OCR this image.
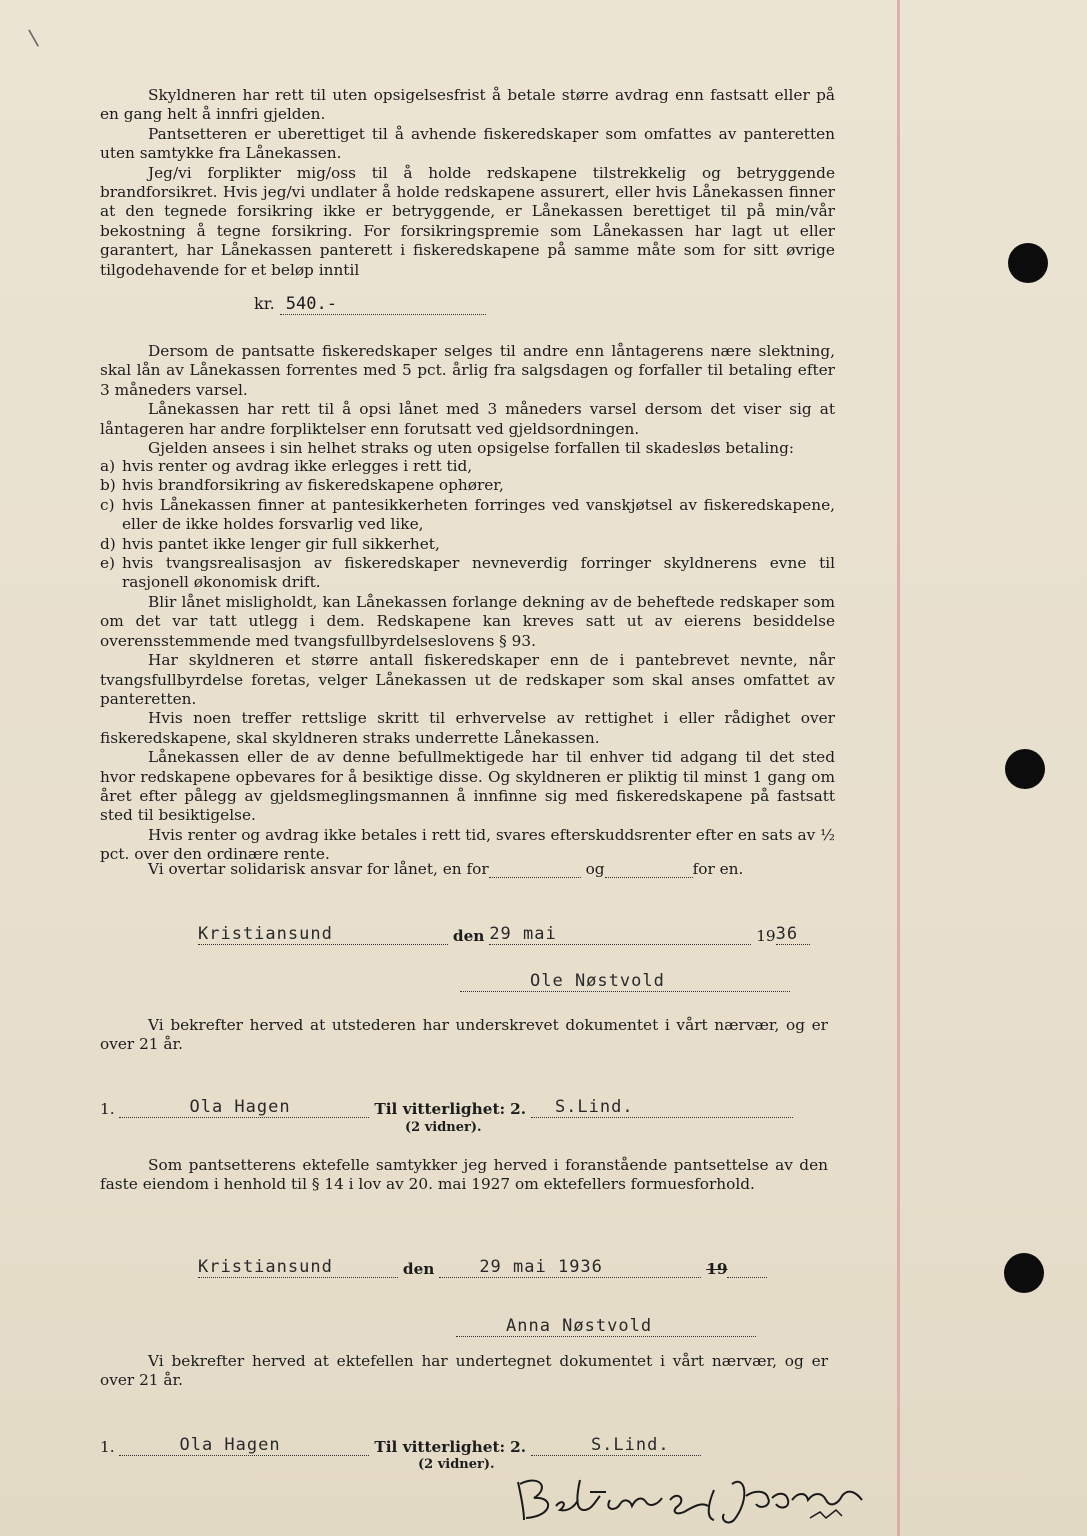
\

Skyldneren har rett til uten opsigelsesfrist å betale større avdrag enn fastsatt eller på en gang helt å innfri gjelden.

Pantsetteren er uberettiget til å avhende fiskeredskaper som omfattes av panteretten uten samtykke fra Lånekassen.

Jeg/vi forplikter mig/oss til å holde redskapene tilstrekkelig og betryggende brandforsikret. Hvis jeg/vi undlater å holde redskapene assurert, eller hvis Lånekassen finner at den tegnede forsikring ikke er betryggende, er Lånekassen berettiget til på min/vår bekostning å tegne forsikring. For forsikringspremie som Lånekassen har lagt ut eller garantert, har Lånekassen panterett i fiskeredskapene på samme måte som for sitt øvrige tilgodehavende for et beløp inntil

kr. 540.-

Dersom de pantsatte fiskeredskaper selges til andre enn låntagerens nære slektning, skal lån av Lånekassen forrentes med 5 pct. årlig fra salgsdagen og forfaller til betaling efter 3 måneders varsel.

Lånekassen har rett til å opsi lånet med 3 måneders varsel dersom det viser sig at låntageren har andre forpliktelser enn forutsatt ved gjeldsordningen.

Gjelden ansees i sin helhet straks og uten opsigelse forfallen til skadesløs betaling:

a) hvis renter og avdrag ikke erlegges i rett tid,
b) hvis brandforsikring av fiskeredskapene ophører,
c) hvis Lånekassen finner at pantesikkerheten forringes ved vanskjøtsel av fiskeredskapene, eller de ikke holdes forsvarlig ved like,
d) hvis pantet ikke lenger gir full sikkerhet,
e) hvis tvangsrealisasjon av fiskeredskaper nevneverdig forringer skyldnerens evne til rasjonell økonomisk drift.

Blir lånet misligholdt, kan Lånekassen forlange dekning av de beheftede redskaper som om det var tatt utlegg i dem. Redskapene kan kreves satt ut av eierens besiddelse overensstemmende med tvangsfullbyrdelseslovens § 93.

Har skyldneren et større antall fiskeredskaper enn de i pantebrevet nevnte, når tvangsfullbyrdelse foretas, velger Lånekassen ut de redskaper som skal anses omfattet av panteretten.

Hvis noen treffer rettslige skritt til erhvervelse av rettighet i eller rådighet over fiskeredskapene, skal skyldneren straks underrette Lånekassen.

Lånekassen eller de av denne befullmektigede har til enhver tid adgang til det sted hvor redskapene opbevares for å besiktige disse. Og skyldneren er pliktig til minst 1 gang om året efter pålegg av gjeldsmeglingsmannen å innfinne sig med fiskeredskapene på fastsatt sted til besiktigelse.

Hvis renter og avdrag ikke betales i rett tid, svares efterskuddsrenter efter en sats av ½ pct. over den ordinære rente.

Vi overtar solidarisk ansvar for lånet, en for	og	for en.
Kristiansund	den 29 mai	1936
Ole Nøstvold

Vi bekrefter herved at utstederen har underskrevet dokumentet i vårt nærvær, og er over 21 år.

1.	Ola Hagen	Til vitterlighet: 2. S.Lind.
(2 vidner).

Som pantsetterens ektefelle samtykker jeg herved i foranstående pantsettelse av den faste eiendom i henhold til § 14 i lov av 20. mai 1927 om ektefellers formuesforhold.

Kristiansund	den	29 mai 1936	19
Anna Nøstvold

Vi bekrefter herved at ektefellen har undertegnet dokumentet i vårt nærvær, og er over 21 år.

1.	Ola Hagen	Til vitterlighet: 2.	S.Lind.
(2 vidner).
